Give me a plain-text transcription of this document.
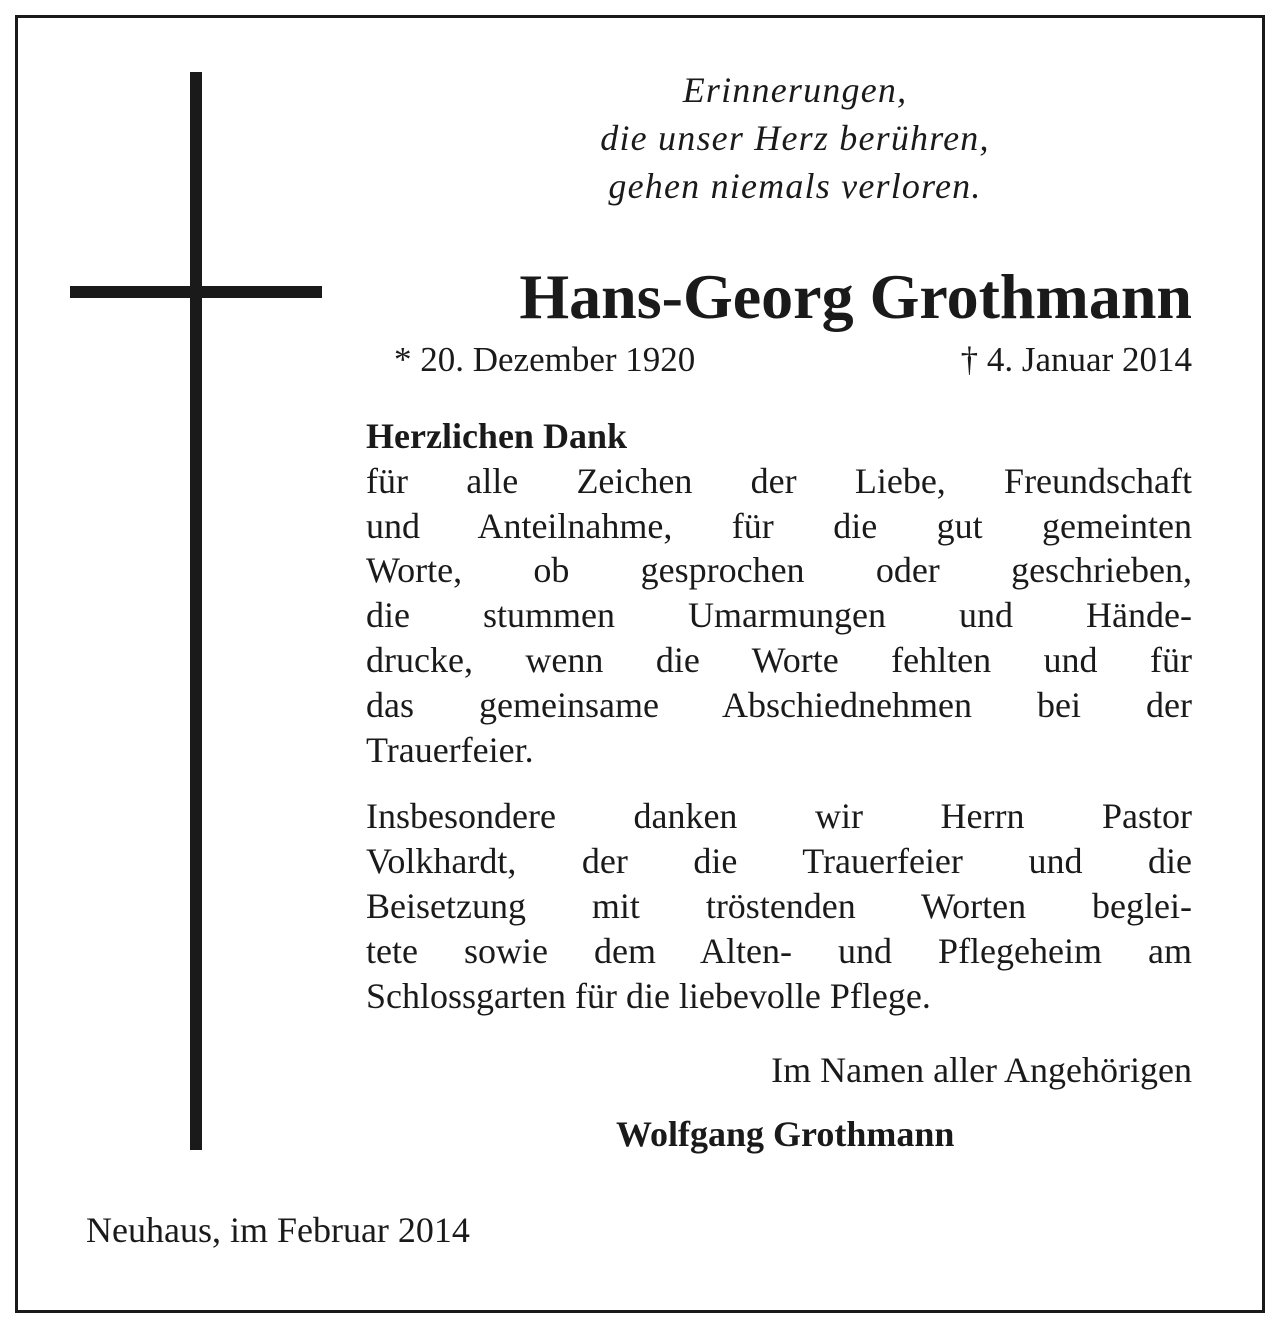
Erinnerungen,
die unser Herz berühren,
gehen niemals verloren.
Hans-Georg Grothmann
* 20. Dezember 1920	† 4. Januar 2014
Herzlichen Dank
für alle Zeichen der Liebe, Freundschaft
und Anteilnahme, für die gut gemeinten
Worte, ob gesprochen oder geschrieben,
die stummen Umarmungen und Hände-
drucke, wenn die Worte fehlten und für
das gemeinsame Abschiednehmen bei der
Trauerfeier.
Insbesondere danken wir Herrn Pastor
Volkhardt, der die Trauerfeier und die
Beisetzung mit tröstenden Worten beglei-
tete sowie dem Alten- und Pflegeheim am
Schlossgarten für die liebevolle Pflege.
Im Namen aller Angehörigen
Wolfgang Grothmann
Neuhaus, im Februar 2014
